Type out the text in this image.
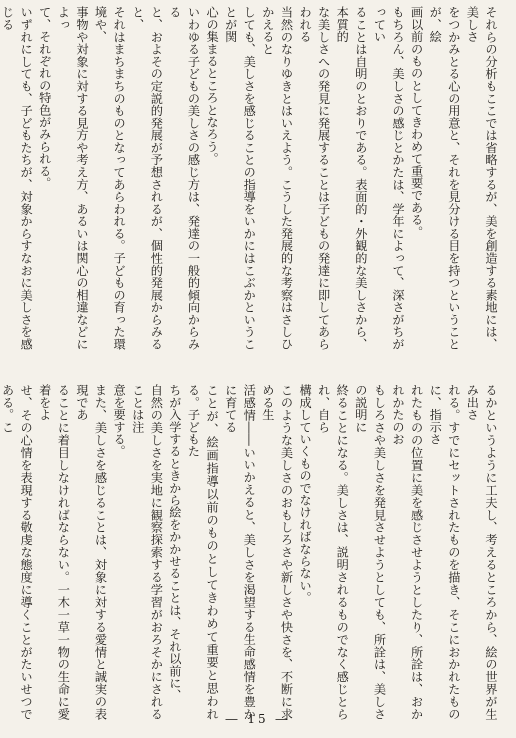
それらの分析もここでは省略するが、美を創造する素地には、美しさ

をつかみとる心の用意と、それを見分ける目を持つということが、絵

画以前のものとしてきわめて重要である。

もちろん、美しさの感じとかたは、学年によって、深さがちがってい

ることは自明のとおりである。表面的・外観的な美しさから、本質的

な美しさへの発見に発展することは子どもの発達に即してあらわれる

当然のなりゆきとはいえよう。こうした発展的な考察はさしひかえると

しても、美しさを感じることの指導をいかにはこぶかということが関

心の集まるところとなろう。

いわゆる子どもの美しさの感じ方は、発達の一般的傾向からみる

と、およその定説的発展が予想されるが、個性的発展からみると、

それはまちまちのものとなってあらわれる。子どもの育った環境や、

事物や対象に対する見方や考え方、あるいは関心の相違などによっ

て、それぞれの特色がみられる。

いずれにしても、子どもたちが、対象からすなおに美しさを感じる

るかというように工夫し、考えるところから、絵の世界が生み出さ

れる。すでにセットされたものを描き、そこにおかれたものに、指示さ

れたものの位置に美を感じさせようとしたり、所詮は、おかれかたのお

もしろさや美しさを発見させようとしても、所詮は、美しさの説明に

終ることになる。美しさは、説明されるものでなく感じとられ、自ら

構成していくものでなければならない。

このような美しさのおもしろさや新しさや快さを、不断に求める生

活感情――いいかえると、美しさを渇望する生命感情を豊かに育てる

ことが、絵画指導以前のものとしてきわめて重要と思われる。子どもた

ちが入学するときから絵をかかせることは、それ以前に、

自然の美しさを実地に観察探索する学習がおろそかにされることは注

意を要する。

また、美しさを感じることは、対象に対する愛情と誠実の表現であ

ることに着目しなければならない。一木一草一物の生命に愛着をよ

せ、その心情を表現する敬虔な態度に導くことがたいせつである。こ

― 15 ―
